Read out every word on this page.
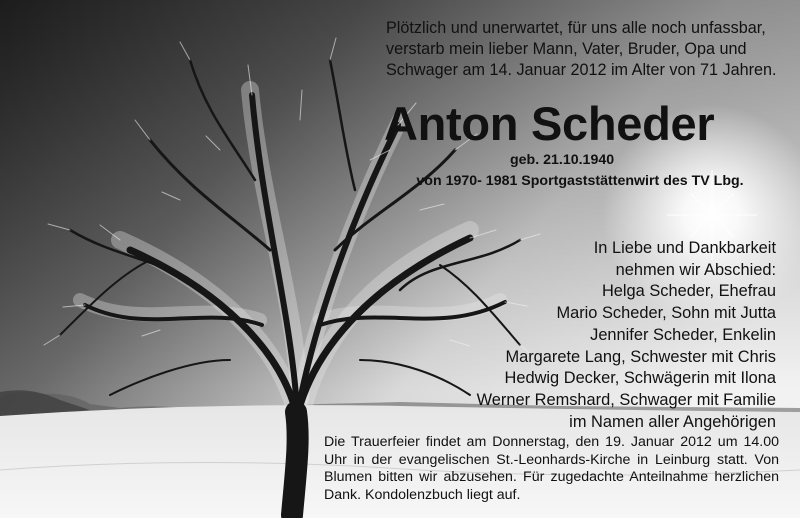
Plötzlich und unerwartet, für uns alle noch unfassbar, verstarb mein lieber Mann, Vater, Bruder, Opa und Schwager am 14. Januar 2012 im Alter von 71 Jahren.

Anton Scheder

geb. 21.10.1940

von 1970- 1981 Sportgaststättenwirt des TV Lbg.

In Liebe und Dankbarkeit
nehmen wir Abschied:
Helga Scheder, Ehefrau
Mario Scheder, Sohn mit Jutta
Jennifer Scheder, Enkelin
Margarete Lang, Schwester mit Chris
Hedwig Decker, Schwägerin mit Ilona
Werner Remshard, Schwager mit Familie
im Namen aller Angehörigen

Die Trauerfeier findet am Donnerstag, den 19. Januar 2012 um 14.00 Uhr in der evangelischen St.-Leonhards-Kirche in Leinburg statt. Von Blumen bitten wir abzusehen. Für zugedachte Anteilnahme herzlichen Dank. Kondolenzbuch liegt auf.
